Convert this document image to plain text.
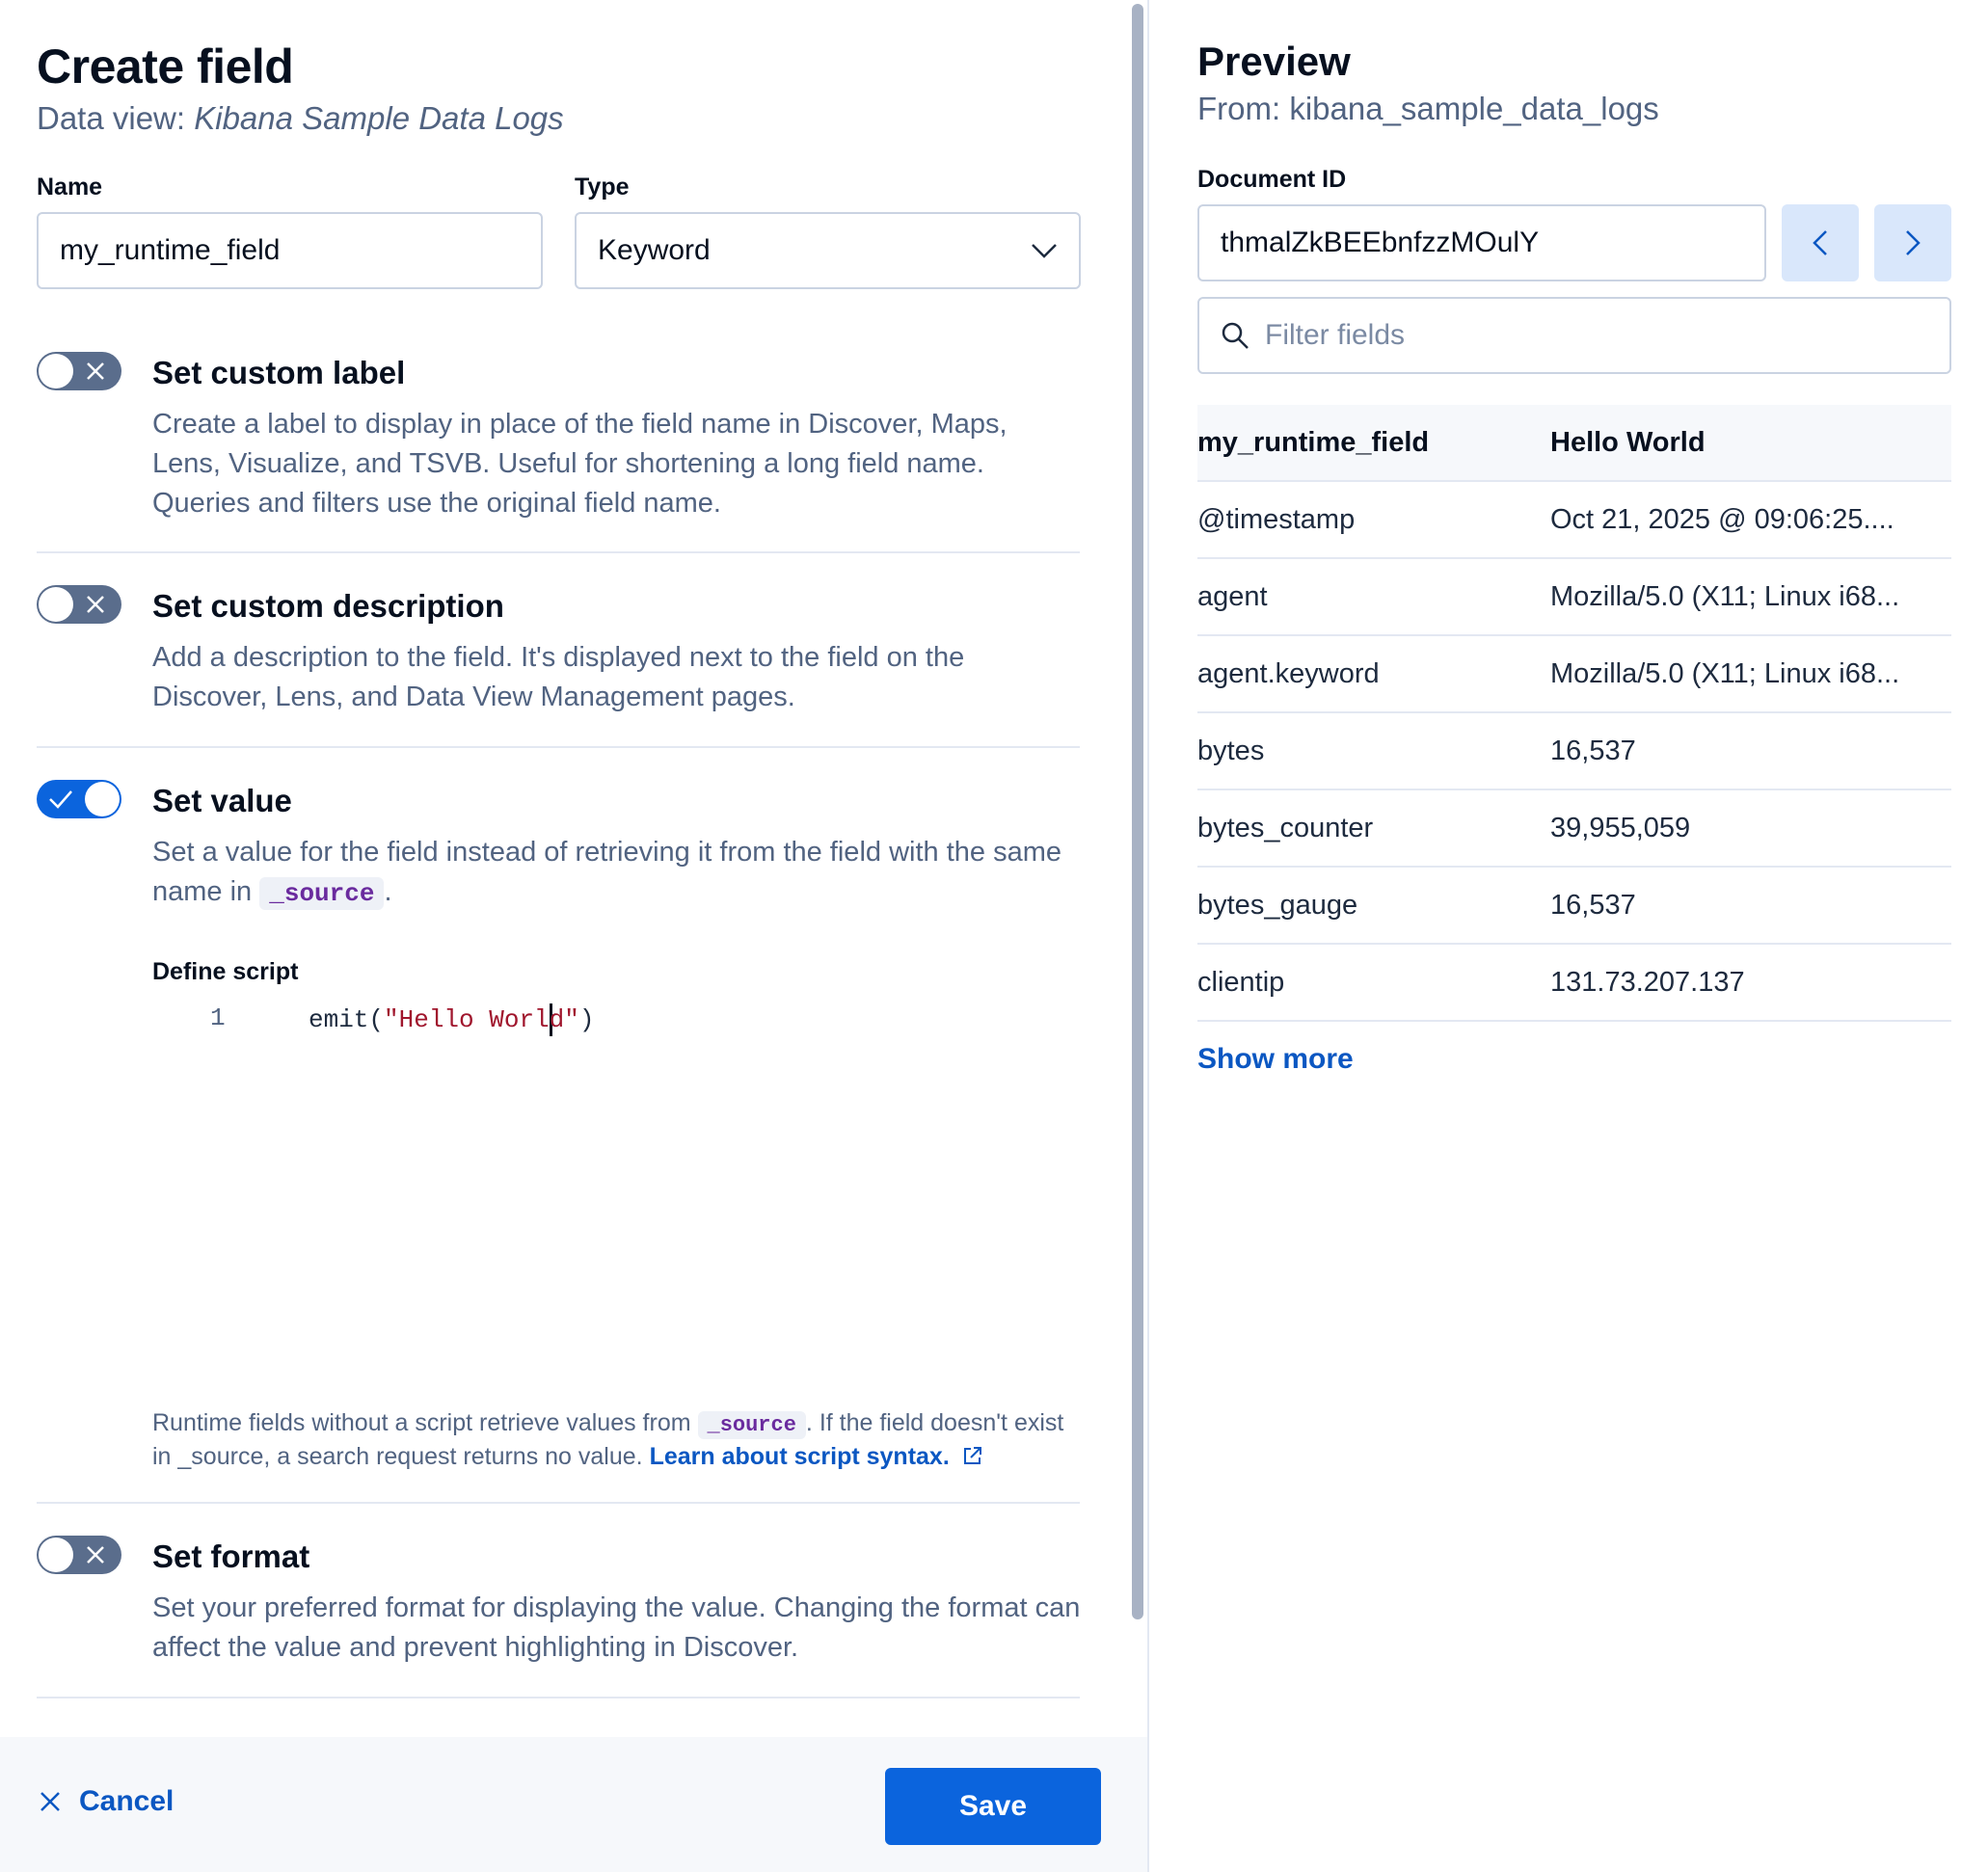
Create field
Data view: Kibana Sample Data Logs
Name
my_runtime_field	Type
Keyword
Set custom label

Create a label to display in place of the field name in Discover, Maps, Lens, Visualize, and TSVB. Useful for shortening a long field name. Queries and filters use the original field name.

Set custom description

Add a description to the field. It's displayed next to the field on the Discover, Lens, and Data View Management pages.

Set value

Set a value for the field instead of retrieving it from the field with the same name in _source .

Define script
1	emit("Hello World")

Runtime fields without a script retrieve values from _source . If the field doesn't exist in _source, a search request returns no value. Learn about script syntax.

Set format

Set your preferred format for displaying the value. Changing the format can affect the value and prevent highlighting in Discover.

Cancel	Save
Preview
From: kibana_sample_data_logs
Document ID
thmalZkBEEbnfzzMOulY
Filter fields
my_runtime_field	Hello World
@timestamp	Oct 21, 2025 @ 09:06:25....
agent	Mozilla/5.0 (X11; Linux i68...
agent.keyword	Mozilla/5.0 (X11; Linux i68...
bytes	16,537
bytes_counter	39,955,059
bytes_gauge	16,537
clientip	131.73.207.137
Show more
